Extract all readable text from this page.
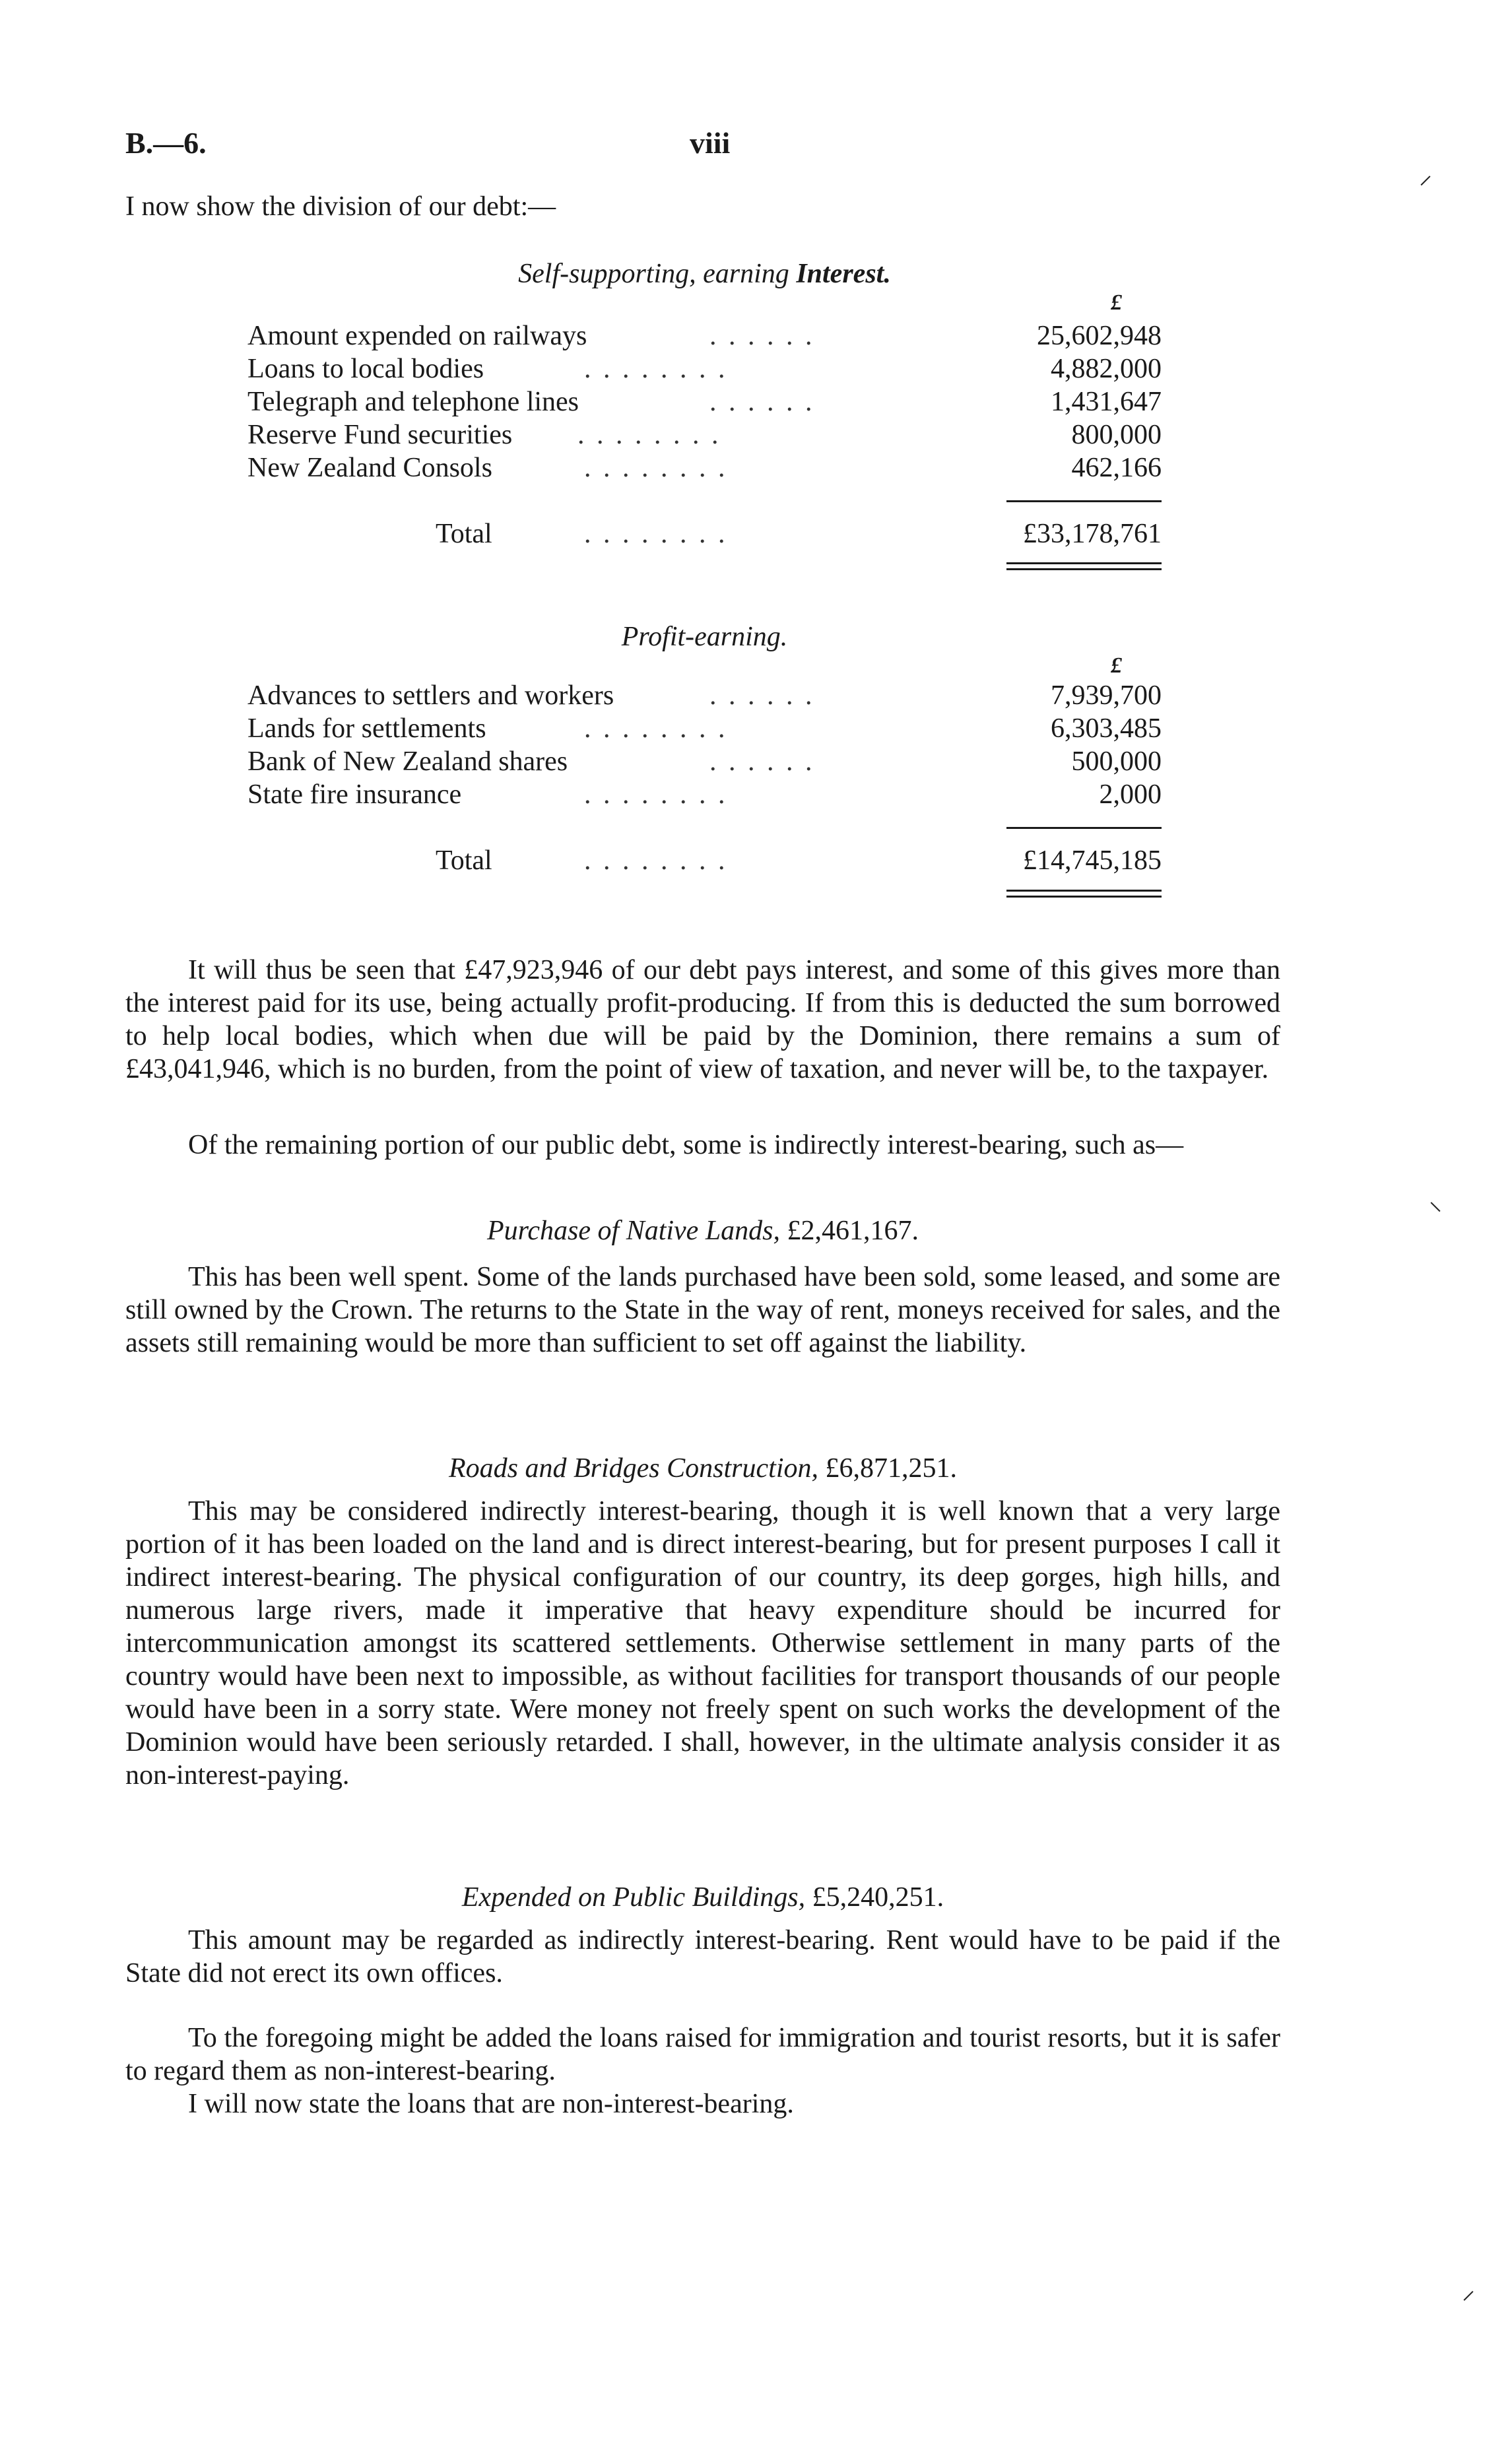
B.—6.	viii
⸝
⸜
⸝
I now show the division of our debt:—
Self-supporting, earning Interest.
£
Amount expended on railways	. . . . . .	25,602,948
Loans to local bodies	. . . . . . . .	4,882,000
Telegraph and telephone lines	. . . . . .	1,431,647
Reserve Fund securities . . . . . . . .	800,000
New Zealand Consols	. . . . . . . .	462,166
Total	. . . . . . . .	£33,178,761
Profit-earning.
£
Advances to settlers and workers	. . . . . .	7,939,700
Lands for settlements	. . . . . . . .	6,303,485
Bank of New Zealand shares	. . . . . .	500,000
State fire insurance	. . . . . . . .	2,000
Total	. . . . . . . .	£14,745,185
It will thus be seen that £47,923,946 of our debt pays interest, and some of this gives more than the interest paid for its use, being actually profit-producing. If from this is deducted the sum borrowed to help local bodies, which when due will be paid by the Dominion, there remains a sum of £43,041,946, which is no burden, from the point of view of taxation, and never will be, to the taxpayer.
Of the remaining portion of our public debt, some is indirectly interest-bearing, such as—
Purchase of Native Lands, £2,461,167.
This has been well spent. Some of the lands purchased have been sold, some leased, and some are still owned by the Crown. The returns to the State in the way of rent, moneys received for sales, and the assets still remaining would be more than sufficient to set off against the liability.
Roads and Bridges Construction, £6,871,251.
This may be considered indirectly interest-bearing, though it is well known that a very large portion of it has been loaded on the land and is direct interest-bearing, but for present purposes I call it indirect interest-bearing. The physical configuration of our country, its deep gorges, high hills, and numerous large rivers, made it imperative that heavy expenditure should be incurred for intercommunication amongst its scattered settlements. Otherwise settlement in many parts of the country would have been next to impossible, as without facilities for transport thousands of our people would have been in a sorry state. Were money not freely spent on such works the development of the Dominion would have been seriously retarded. I shall, however, in the ultimate analysis consider it as non-interest-paying.
Expended on Public Buildings, £5,240,251.
This amount may be regarded as indirectly interest-bearing. Rent would have to be paid if the State did not erect its own offices.
To the foregoing might be added the loans raised for immigration and tourist resorts, but it is safer to regard them as non-interest-bearing.
I will now state the loans that are non-interest-bearing.
